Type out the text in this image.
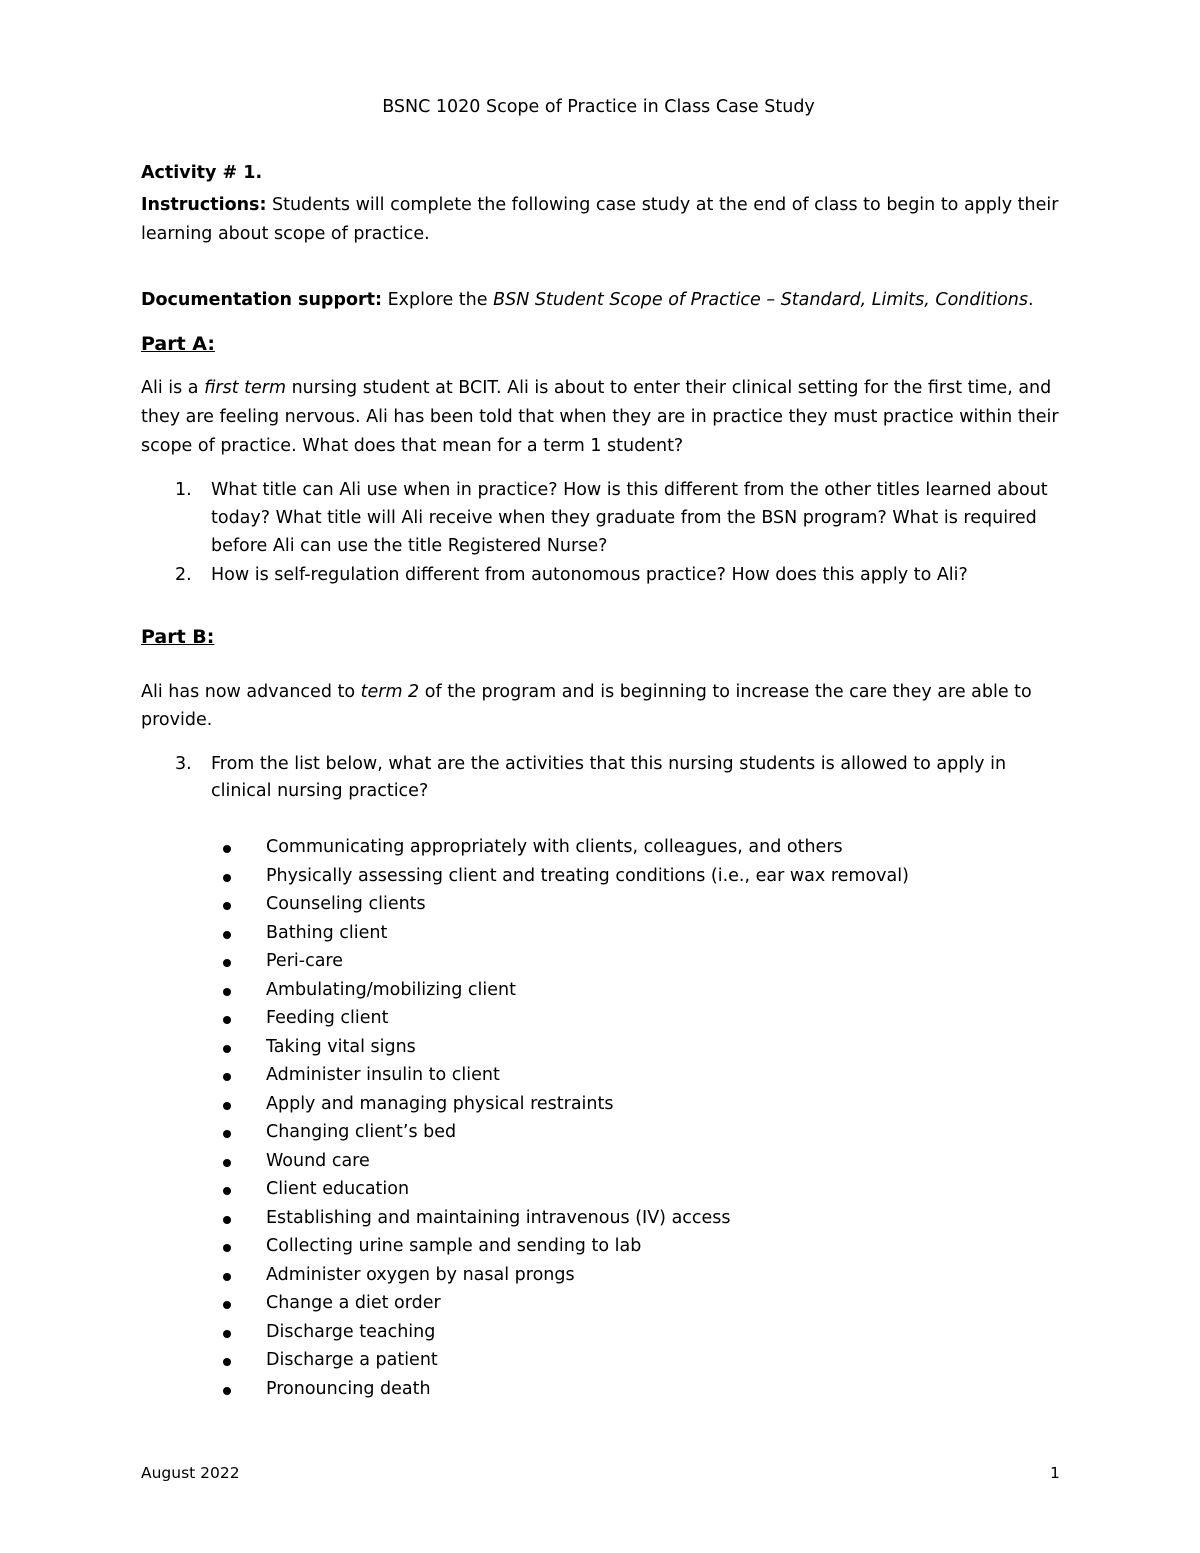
BSNC 1020 Scope of Practice in Class Case Study

Activity # 1.

Instructions: Students will complete the following case study at the end of class to begin to apply their

learning about scope of practice.

Documentation support: Explore the BSN Student Scope of Practice – Standard, Limits, Conditions.

Part A:

Ali is a first term nursing student at BCIT. Ali is about to enter their clinical setting for the first time, and

they are feeling nervous. Ali has been told that when they are in practice they must practice within their

scope of practice. What does that mean for a term 1 student?

1. What title can Ali use when in practice? How is this different from the other titles learned about
today? What title will Ali receive when they graduate from the BSN program? What is required
before Ali can use the title Registered Nurse?
2. How is self-regulation different from autonomous practice? How does this apply to Ali?

Part B:

Ali has now advanced to term 2 of the program and is beginning to increase the care they are able to

provide.

3. From the list below, what are the activities that this nursing students is allowed to apply in
clinical nursing practice?
Communicating appropriately with clients, colleagues, and others
Physically assessing client and treating conditions (i.e., ear wax removal)
Counseling clients
Bathing client
Peri-care
Ambulating/mobilizing client
Feeding client
Taking vital signs
Administer insulin to client
Apply and managing physical restraints
Changing client’s bed
Wound care
Client education
Establishing and maintaining intravenous (IV) access
Collecting urine sample and sending to lab
Administer oxygen by nasal prongs
Change a diet order
Discharge teaching
Discharge a patient
Pronouncing death

August 2022	1
